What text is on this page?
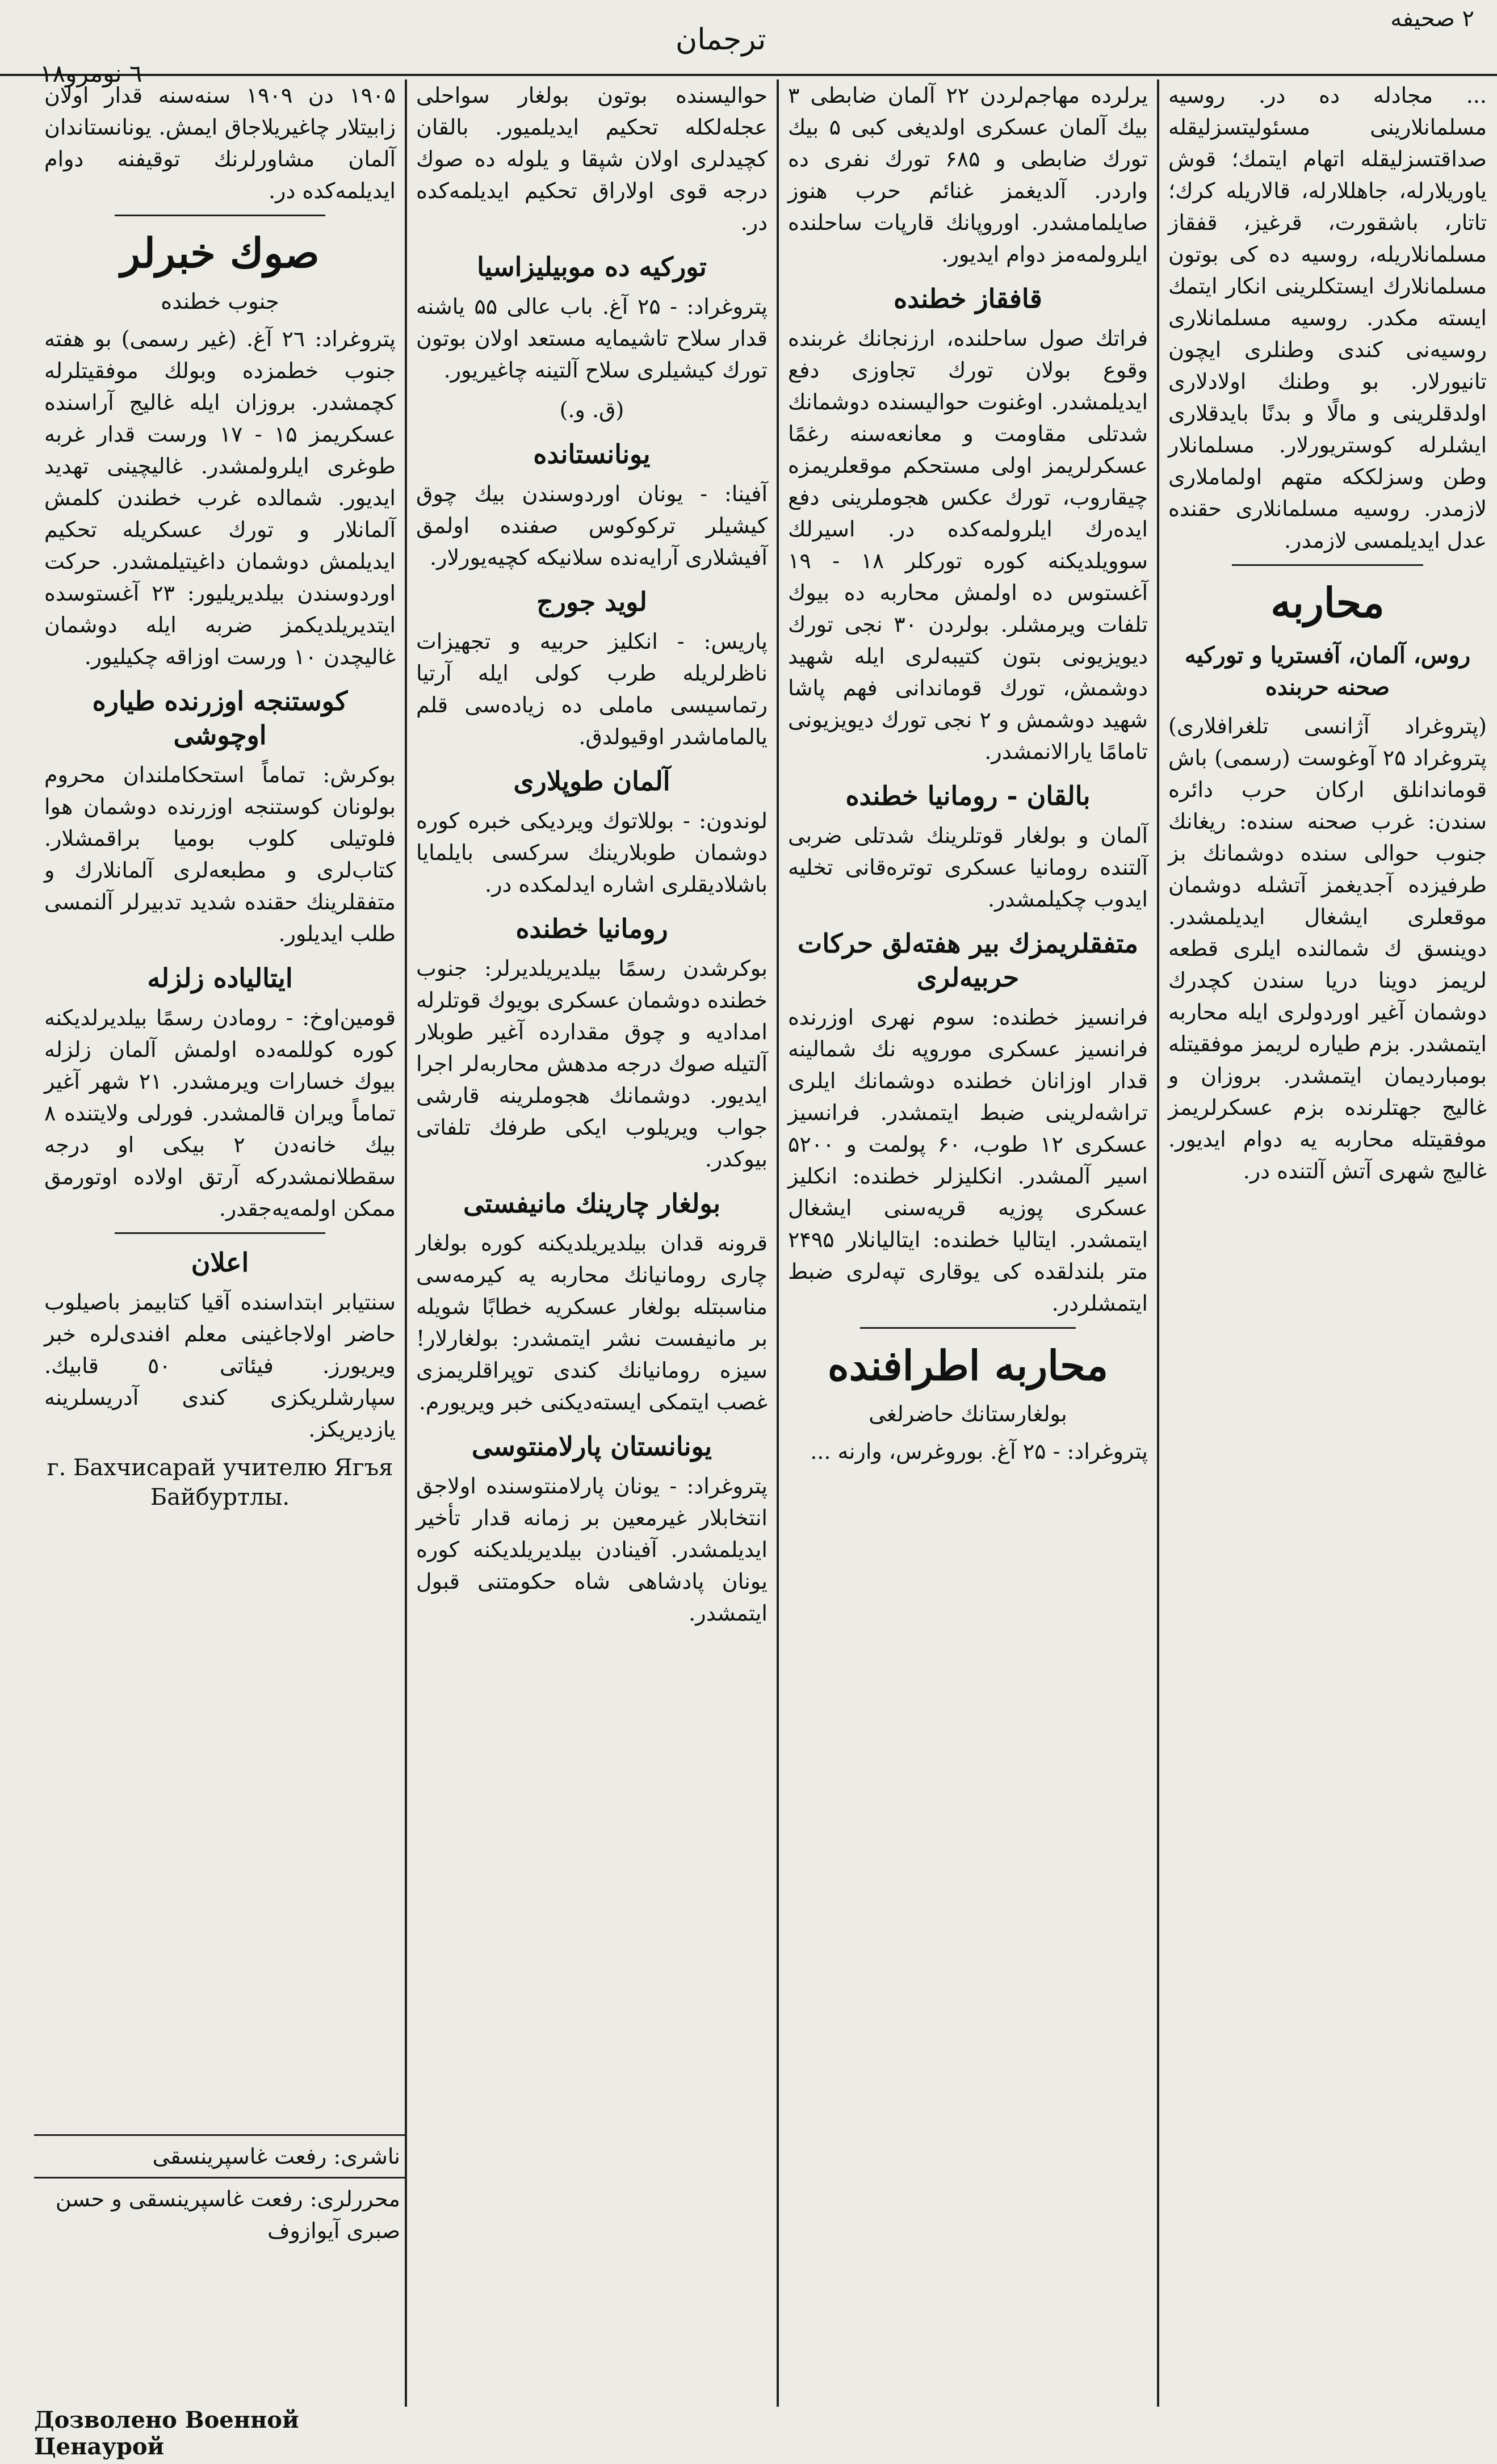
۱۸٦ نومرو
ترجمان
٢ صحيفه

... مجادله ده در. روسيه مسلمانلارينى مسئوليتسزليقله صداقتسزليقله اتهام ايتمك؛ قوش ياوريلارله، جاهللارله، قالاريله كرك؛ تاتار، باشقورت، قرغيز، قفقاز مسلمانلاريله، روسيه ده كى بوتون مسلمانلارك ايستكلرينى انكار ايتمك ايسته مكدر. روسيه مسلمانلارى روسيه‌نى كندى وطنلرى ايچون تانيورلار. بو وطنك اولادلارى اولدقلرينى و مالًا و بدنًا بايدقلارى ايشلرله كوستريورلار. مسلمانلار وطن وسزلككه متهم اولماملارى لازمدر. روسيه مسلمانلارى حقنده عدل ايديلمسى لازمدر.

محاربه
روس، آلمان، آفستريا و توركيه صحنه حربنده

(پتروغراد آژانسى تلغرافلارى) پتروغراد ۲۵ آوغوست (رسمى) باش قوماندانلق اركان حرب دائره سندن: غرب صحنه سنده: ريغانك جنوب حوالى سنده دوشمانك بز طرفيزده آجديغمز آتشله دوشمان موقعلرى ايشغال ايديلمشدر. دوينسق ك شمالنده ايلرى قطعه لريمز دوينا دريا سندن كچدرك دوشمان آغير اوردولرى ايله محاربه ايتمشدر. بزم طياره لريمز موفقيتله بومبارديمان ايتمشدر. بروزان و غاليج جهتلرنده بزم عسكرلريمز موفقيتله محاربه يه دوام ايديور. غاليج شهرى آتش آلتنده در.

يرلرده مهاجم‌لردن ۲۲ آلمان ضابطى ۳ بيك آلمان عسكرى اولديغى كبى ۵ بيك تورك ضابطى و ۶۸۵ تورك نفرى ده واردر. آلديغمز غنائم حرب هنوز صايلمامشدر. اوروپانك قارپات ساحلنده ايلرولمه‌مز دوام ايديور.

قافقاز خطنده

فراتك صول ساحلنده، ارزنجانك غربنده وقوع بولان تورك تجاوزى دفع ايديلمشدر. اوغنوت حواليسنده دوشمانك شدتلى مقاومت و معانعه‌سنه رغمًا عسكرلريمز اولى مستحكم موقعلريمزه چيقاروب، تورك عكس هجوملرينى دفع ايده‌رك ايلرولمه‌كده در. اسيرلك سوويلديكنه كوره توركلر ۱۸ - ۱۹ آغستوس ده اولمش محاربه ده بيوك تلفات ويرمشلر. بولردن ۳۰ نجى تورك ديويزيونى بتون كتيبه‌لرى ايله شهيد دوشمش، تورك قوماندانى فهم پاشا شهيد دوشمش و ۲ نجى تورك ديويزيونى تامامًا يارالانمشدر.

بالقان - رومانيا خطنده

آلمان و بولغار قوتلرينك شدتلى ضربى آلتنده رومانيا عسكرى توتره‌قانى تخليه ايدوب چكيلمشدر.

متفقلريمزك بير هفته‌لق حركات حربيه‌لرى

فرانسيز خطنده: سوم نهرى اوزرنده فرانسيز عسكرى موروپه نك شمالينه قدار اوزانان خطنده دوشمانك ايلرى تراشه‌لرينى ضبط ايتمشدر. فرانسيز عسكرى ۱۲ طوب، ۶۰ پولمت و ۵۲۰۰ اسير آلمشدر. انكليزلر خطنده: انكليز عسكرى پوزيه قريه‌سنى ايشغال ايتمشدر. ايتاليا خطنده: ايتاليانلار ۲۴۹۵ متر بلندلقده كى يوقارى تپه‌لرى ضبط ايتمشلردر.

محاربه اطرافنده
بولغارستانك حاضرلغى

پتروغراد: - ۲۵ آغ. بوروغرس، وارنه ...

حواليسنده بوتون بولغار سواحلى عجله‌لكله تحكيم ايديلميور. بالقان كچيدلرى اولان شپقا و يلوله ده صوك درجه قوى اولاراق تحكيم ايديلمه‌كده در.

توركيه ده موبيليزاسيا

پتروغراد: - ۲۵ آغ. باب عالى ۵۵ ياشنه قدار سلاح تاشيمايه مستعد اولان بوتون تورك كيشيلرى سلاح آلتينه چاغيريور.

(ق. و.)
يونانستانده

آفينا: - يونان اوردوسندن بيك چوق كيشيلر تركوكوس صفنده اولمق آفيشلارى آرايه‌نده سلانيكه كچيه‌يورلار.

لويد جورج

پاريس: - انكليز حربيه و تجهيزات ناظرلريله طرب كولى ايله آرتيا رتماسيسى ماملى ده زياده‌سى قلم يالماماشدر اوقيولدق.

آلمان طوپلارى

لوندون: - بوللاتوك ويرديكى خبره كوره دوشمان طوبلارينك سركسى بايلمايا باشلاديقلرى اشاره ايدلمكده در.

رومانيا خطنده

بوكرشدن رسمًا بيلديريلديرلر: جنوب خطنده دوشمان عسكرى بويوك قوتلرله امداديه و چوق مقدارده آغير طوبلار آلتيله صوك درجه مدهش محاربه‌لر اجرا ايديور. دوشمانك هجوملرينه قارشى جواب ويريلوب ايكى طرفك تلفاتى بيوكدر.

بولغار چارينك مانيفستى

قرونه قدان بيلديريلديكنه كوره بولغار چارى رومانيانك محاربه يه كيرمه‌سى مناسبتله بولغار عسكريه خطابًا شويله بر مانيفست نشر ايتمشدر: بولغارلار! سيزه رومانيانك كندى توپراقلريمزى غصب ايتمكى ايسته‌ديكنى خبر ويريورم.

يونانستان پارلامنتوسى

پتروغراد: - يونان پارلامنتوسنده اولاجق انتخابلار غيرمعين بر زمانه قدار تأخير ايديلمشدر. آفينادن بيلديريلديكنه كوره يونان پادشاهى شاه حكومتنى قبول ايتمشدر.

۱۹۰۵ دن ۱۹۰۹ سنه‌سنه قدار اولان زابيتلار چاغيريلاجاق ايمش. يونانستاندان آلمان مشاورلرنك توقيفنه دوام ايديلمه‌كده در.

صوك خبرلر
جنوب خطنده

پتروغراد: ۲٦ آغ. (غير رسمى) بو هفته جنوب خطمزده وبولك موفقيتلرله كچمشدر. بروزان ايله غاليج آراسنده عسكريمز ۱۵ - ۱۷ ورست قدار غربه طوغرى ايلرولمشدر. غاليچينى تهديد ايديور. شمالده غرب خطندن كلمش آلمانلار و تورك عسكريله تحكيم ايديلمش دوشمان داغيتيلمشدر. حركت اوردوسندن بيلديريليور: ۲۳ آغستوسده ايتديريلديكمز ضربه ايله دوشمان غاليچدن ۱۰ ورست اوزاقه چكيليور.

كوستنجه اوزرنده طياره اوچوشى

بوكرش: تماماً استحكاملندان محروم بولونان كوستنجه اوزرنده دوشمان هوا فلوتيلى كلوب بوميا براقمشلار. كتاب‌لرى و مطبعه‌لرى آلمانلارك و متفقلرينك حقنده شديد تدبيرلر آلنمسى طلب ايديلور.

ايتالياده زلزله

قومين‌اوخ: - رومادن رسمًا بيلديرلديكنه كوره كوللمه‌ده اولمش آلمان زلزله بيوك خسارات ويرمشدر. ۲۱ شهر آغير تماماً ويران قالمشدر. فورلى ولايتنده ۸ بيك خانه‌دن ۲ بيكى او درجه سقطلانمشدركه آرتق اولاده اوتورمق ممكن اولمه‌يه‌جقدر.

اعلان

سنتيابر ابتداسنده آقيا كتابيمز باصيلوب حاضر اولاجاغينى معلم افندى‌لره خبر ويريورز. فيئاتى ٥٠ قابيك. سپارشلريكزى كندى آدريسلرينه يازديريكز.

г. Бахчисарай учителю Ягъя Байбуртлы.
ناشرى: رفعت غاسپرينسقى
محررلرى: رفعت غاسپرينسقى و حسن صبرى آيوازوف
Дозволено Военной Ценаурой
